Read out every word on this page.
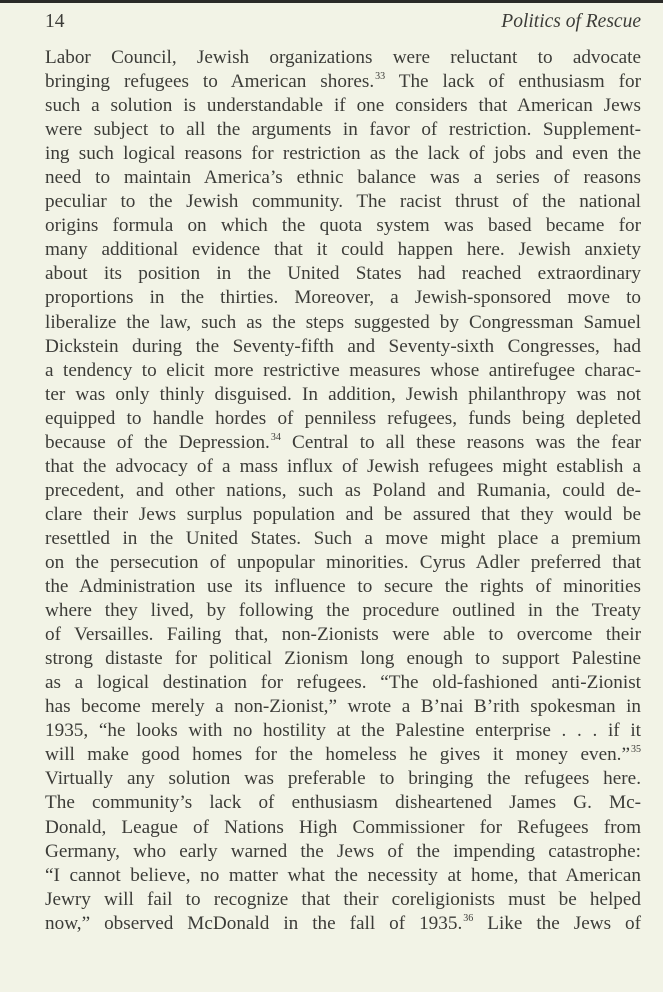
14	Politics of Rescue
Labor Council, Jewish organizations were reluctant to advocate
bringing refugees to American shores.$^{33}$ The lack of enthusiasm for
such a solution is understandable if one considers that American Jews
were subject to all the arguments in favor of restriction. Supplement-
ing such logical reasons for restriction as the lack of jobs and even the
need to maintain America’s ethnic balance was a series of reasons
peculiar to the Jewish community. The racist thrust of the national
origins formula on which the quota system was based became for
many additional evidence that it could happen here. Jewish anxiety
about its position in the United States had reached extraordinary
proportions in the thirties. Moreover, a Jewish-sponsored move to
liberalize the law, such as the steps suggested by Congressman Samuel
Dickstein during the Seventy-fifth and Seventy-sixth Congresses, had
a tendency to elicit more restrictive measures whose antirefugee charac-
ter was only thinly disguised. In addition, Jewish philanthropy was not
equipped to handle hordes of penniless refugees, funds being depleted
because of the Depression.$^{34}$ Central to all these reasons was the fear
that the advocacy of a mass influx of Jewish refugees might establish a
precedent, and other nations, such as Poland and Rumania, could de-
clare their Jews surplus population and be assured that they would be
resettled in the United States. Such a move might place a premium
on the persecution of unpopular minorities. Cyrus Adler preferred that
the Administration use its influence to secure the rights of minorities
where they lived, by following the procedure outlined in the Treaty
of Versailles. Failing that, non-Zionists were able to overcome their
strong distaste for political Zionism long enough to support Palestine
as a logical destination for refugees. “The old-fashioned anti-Zionist
has become merely a non-Zionist,” wrote a B’nai B’rith spokesman in
1935, “he looks with no hostility at the Palestine enterprise . . . if it
will make good homes for the homeless he gives it money even.”$^{35}$
Virtually any solution was preferable to bringing the refugees here.
The community’s lack of enthusiasm disheartened James G. Mc-
Donald, League of Nations High Commissioner for Refugees from
Germany, who early warned the Jews of the impending catastrophe:
“I cannot believe, no matter what the necessity at home, that American
Jewry will fail to recognize that their coreligionists must be helped
now,” observed McDonald in the fall of 1935.36 Like the Jews of
